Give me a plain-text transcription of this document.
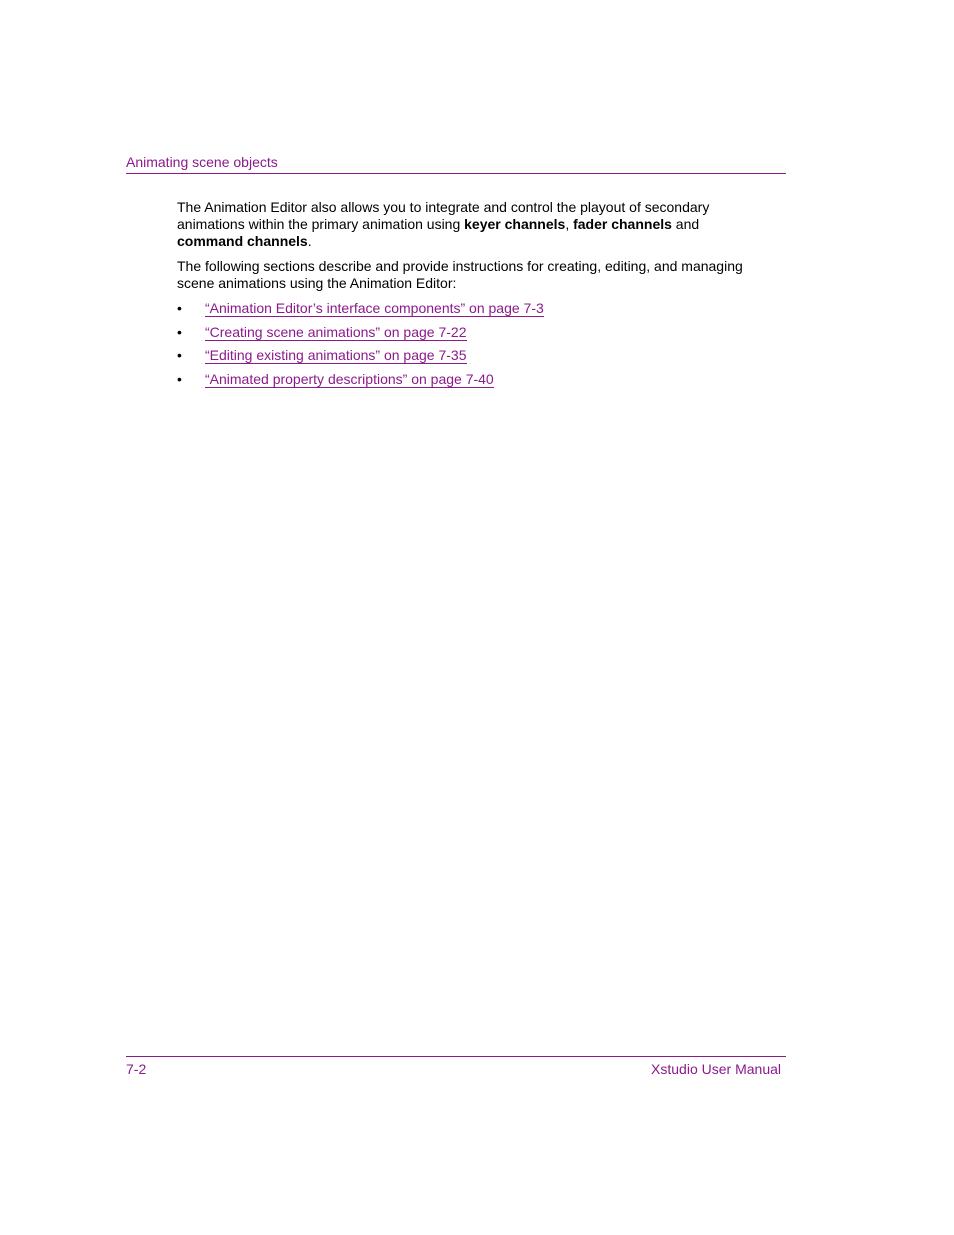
Animating scene objects

The Animation Editor also allows you to integrate and control the playout of secondary animations within the primary animation using keyer channels, fader channels and command channels.

The following sections describe and provide instructions for creating, editing, and managing scene animations using the Animation Editor:

• “Animation Editor’s interface components” on page 7-3
• “Creating scene animations” on page 7-22
• “Editing existing animations” on page 7-35
• “Animated property descriptions” on page 7-40
7-2	Xstudio User Manual
